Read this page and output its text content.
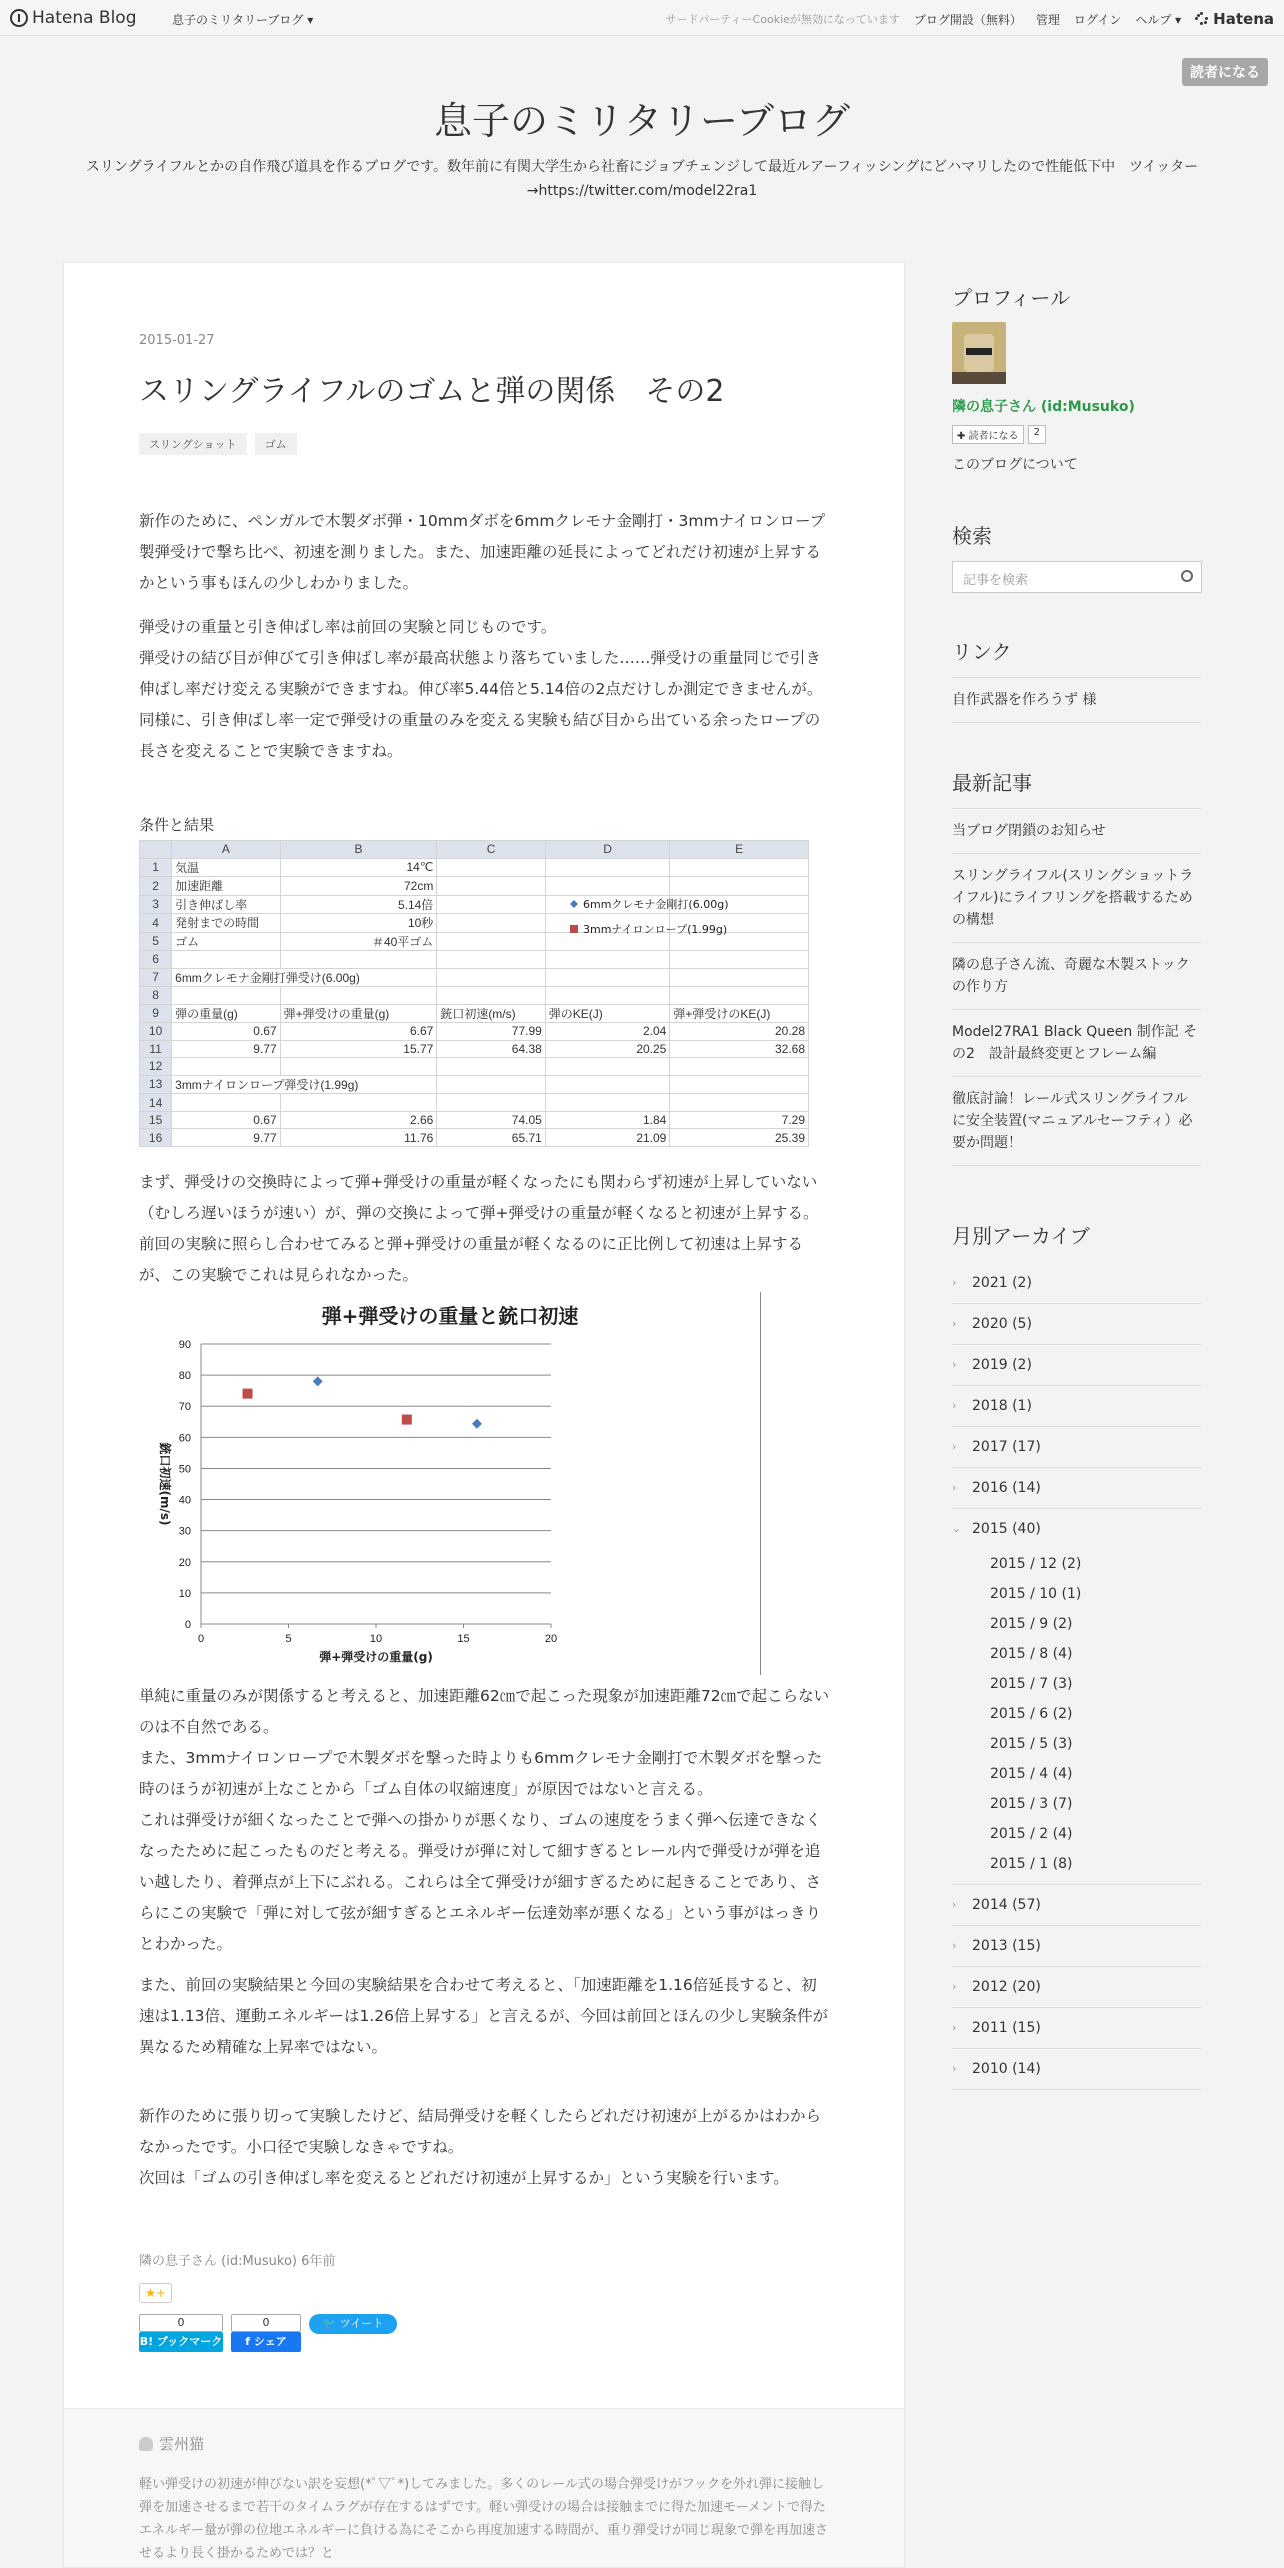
Hatena Blog	息子のミリタリーブログ ▾	サードパーティーCookieが無効になっています ブログ開設（無料） 管理 ログイン ヘルプ ▾ Hatena
読者になる
息子のミリタリーブログ
スリングライフルとかの自作飛び道具を作るブログです。数年前に有関大学生から社畜にジョブチェンジして最近ルアーフィッシングにどハマリしたので性能低下中　ツイッター→https://twitter.com/model22ra1
2015-01-27
スリングライフルのゴムと弾の関係　その2
スリングショット	ゴム
新作のために、ペンガルで木製ダボ弾・10mmダボを6mmクレモナ金剛打・3mmナイロンロープ製弾受けで撃ち比べ、初速を測りました。また、加速距離の延長によってどれだけ初速が上昇するかという事もほんの少しわかりました。
弾受けの重量と引き伸ばし率は前回の実験と同じものです。
弾受けの結び目が伸びて引き伸ばし率が最高状態より落ちていました……弾受けの重量同じで引き伸ばし率だけ変える実験ができますね。伸び率5.44倍と5.14倍の2点だけしか測定できませんが。同様に、引き伸ばし率一定で弾受けの重量のみを変える実験も結び目から出ている余ったロープの長さを変えることで実験できますね。
条件と結果
	A	B	C	D	E
1	気温	14℃			
2	加速距離	72cm			
3	引き伸ばし率	5.14倍			
4	発射までの時間	10秒			
5	ゴム	＃40平ゴム			
6					
7	6mmクレモナ金剛打弾受け(6.00g)				
8					
9	弾の重量(g)	弾+弾受けの重量(g)	銃口初速(m/s)	弾のKE(J)	弾+弾受けのKE(J)
10	0.67	6.67	77.99	2.04	20.28
11	9.77	15.77	64.38	20.25	32.68
12					
13	3mmナイロンロープ弾受け(1.99g)				
14					
15	0.67	2.66	74.05	1.84	7.29
16	9.77	11.76	65.71	21.09	25.39
まず、弾受けの交換時によって弾+弾受けの重量が軽くなったにも関わらず初速が上昇していない（むしろ遅いほうが速い）が、弾の交換によって弾+弾受けの重量が軽くなると初速が上昇する。前回の実験に照らし合わせてみると弾+弾受けの重量が軽くなるのに正比例して初速は上昇するが、この実験でこれは見られなかった。
弾+弾受けの重量と銃口初速
0
10
20
30
40
50
60
70
80
90
0	5	10	15	20
弾+弾受けの重量(g)
銃口初速(m/s)
6mmクレモナ金剛打(6.00g)
3mmナイロンロープ(1.99g)
単純に重量のみが関係すると考えると、加速距離62㎝で起こった現象が加速距離72㎝で起こらないのは不自然である。
また、3mmナイロンロープで木製ダボを撃った時よりも6mmクレモナ金剛打で木製ダボを撃った時のほうが初速が上なことから「ゴム自体の収縮速度」が原因ではないと言える。
これは弾受けが細くなったことで弾への掛かりが悪くなり、ゴムの速度をうまく弾へ伝達できなくなったために起こったものだと考える。弾受けが弾に対して細すぎるとレール内で弾受けが弾を追い越したり、着弾点が上下にぶれる。これらは全て弾受けが細すぎるために起きることであり、さらにこの実験で「弾に対して弦が細すぎるとエネルギー伝達効率が悪くなる」という事がはっきりとわかった。
また、前回の実験結果と今回の実験結果を合わせて考えると、「加速距離を1.16倍延長すると、初速は1.13倍、運動エネルギーは1.26倍上昇する」と言えるが、今回は前回とほんの少し実験条件が異なるため精確な上昇率ではない。
新作のために張り切って実験したけど、結局弾受けを軽くしたらどれだけ初速が上がるかはわからなかったです。小口径で実験しなきゃですね。
次回は「ゴムの引き伸ばし率を変えるとどれだけ初速が上昇するか」という実験を行います。
隣の息子さん (id:Musuko) 6年前
★+
0
B! ブックマーク
0
f シェア
🐦 ツイート
雲州猫
軽い弾受けの初速が伸びない訳を妄想(*ﾟ▽ﾟ*)してみました。多くのレール式の場合弾受けがフックを外れ弾に接触し弾を加速させるまで若干のタイムラグが存在するはずです。軽い弾受けの場合は接触までに得た加速モーメントで得たエネルギー量が弾の位地エネルギーに負ける為にそこから再度加速する時間が、重り弾受けが同じ現象で弾を再加速させるより長く掛かるためでは？と
プロフィール
隣の息子さん (id:Musuko)
✚ 読者になる	2
このブログについて
検索
記事を検索
リンク
自作武器を作ろうず 様
最新記事
当ブログ閉鎖のお知らせ
スリングライフル(スリングショットライフル)にライフリングを搭載するための構想
隣の息子さん流、奇麗な木製ストックの作り方
Model27RA1 Black Queen 制作記 その2　設計最終変更とフレーム編
徹底討論！レール式スリングライフルに安全装置(マニュアルセーフティ）必要か問題！
月別アーカイブ
›	2021 (2)
›	2020 (5)
›	2019 (2)
›	2018 (1)
›	2017 (17)
›	2016 (14)
⌄ 2015 (40)
2015 / 12 (2)
2015 / 10 (1)
2015 / 9 (2)
2015 / 8 (4)
2015 / 7 (3)
2015 / 6 (2)
2015 / 5 (3)
2015 / 4 (4)
2015 / 3 (7)
2015 / 2 (4)
2015 / 1 (8)
›	2014 (57)
›	2013 (15)
›	2012 (20)
›	2011 (15)
›	2010 (14)
